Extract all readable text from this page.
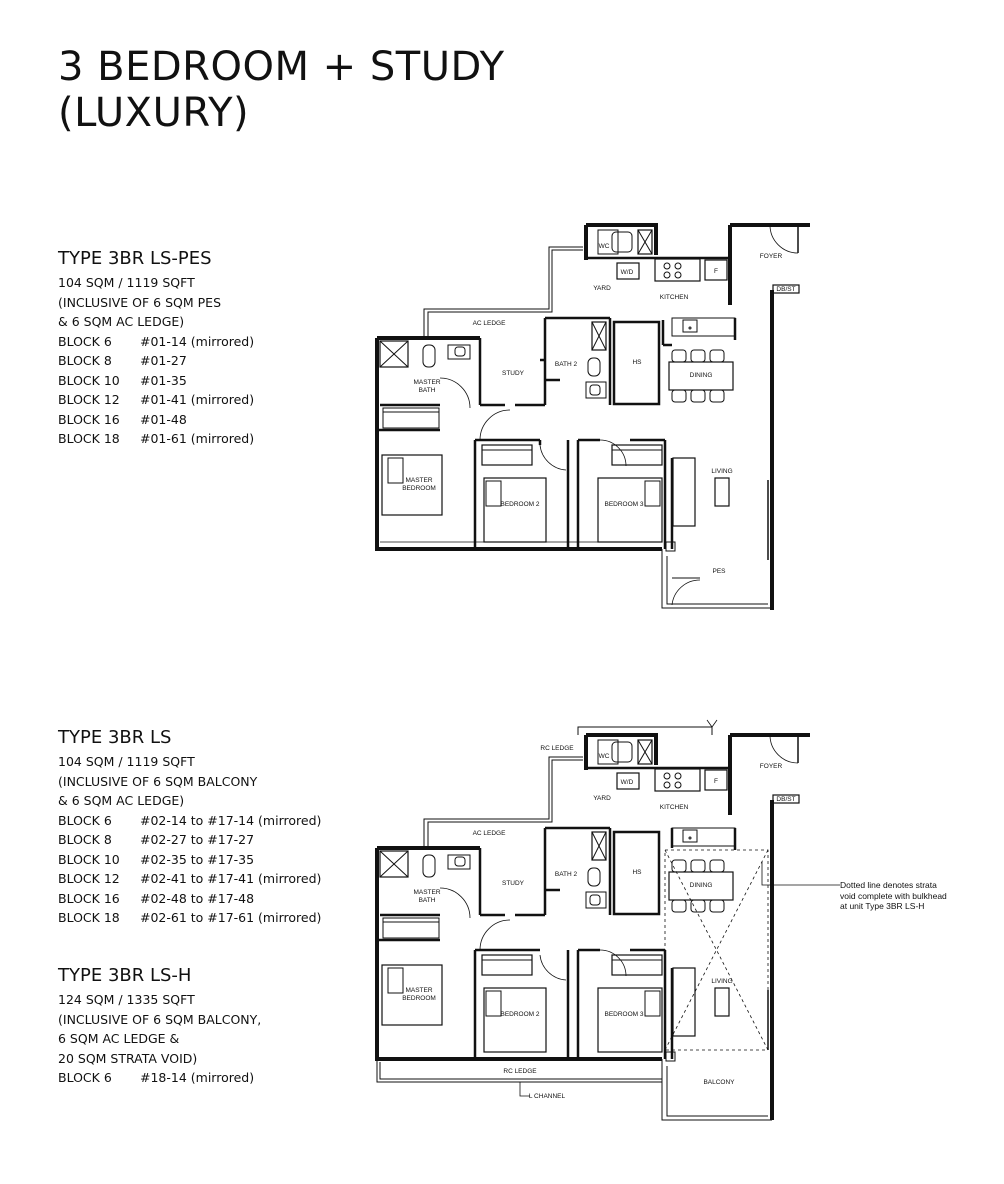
3 BEDROOM + STUDY
(LUXURY)
TYPE 3BR LS-PES
104 SQM / 1119 SQFT
(INCLUSIVE OF 6 SQM PES
& 6 SQM AC LEDGE)
BLOCK 6	#01-14 (mirrored)
BLOCK 8	#01-27
BLOCK 10	#01-35
BLOCK 12	#01-41 (mirrored)
BLOCK 16	#01-48
BLOCK 18	#01-61 (mirrored)
TYPE 3BR LS
104 SQM / 1119 SQFT
(INCLUSIVE OF 6 SQM BALCONY
& 6 SQM AC LEDGE)
BLOCK 6	#02-14 to #17-14 (mirrored)
BLOCK 8	#02-27 to #17-27
BLOCK 10	#02-35 to #17-35
BLOCK 12	#02-41 to #17-41 (mirrored)
BLOCK 16	#02-48 to #17-48
BLOCK 18	#02-61 to #17-61 (mirrored)
TYPE 3BR LS-H
124 SQM / 1335 SQFT
(INCLUSIVE OF 6 SQM BALCONY,
6 SQM AC LEDGE &
20 SQM STRATA VOID)
BLOCK 6	#18-14 (mirrored)
WC
W/D	F
FOYER
DB/ST
YARD
KITCHEN
AC LEDGE
MASTER
BATH
STUDY
BATH 2	HS
DINING
LIVING
MASTER
BEDROOM
BEDROOM 2	BEDROOM 3
PES
RC LEDGE
WC
W/D	F
FOYER
DB/ST
YARD
KITCHEN
AC LEDGE
MASTER
BATH
STUDY
BATH 2	HS
DINING
LIVING
MASTER
BEDROOM
BEDROOM 2	BEDROOM 3
RC LEDGE
L CHANNEL
BALCONY
Dotted line denotes strata
void complete with bulkhead
at unit Type 3BR LS-H
